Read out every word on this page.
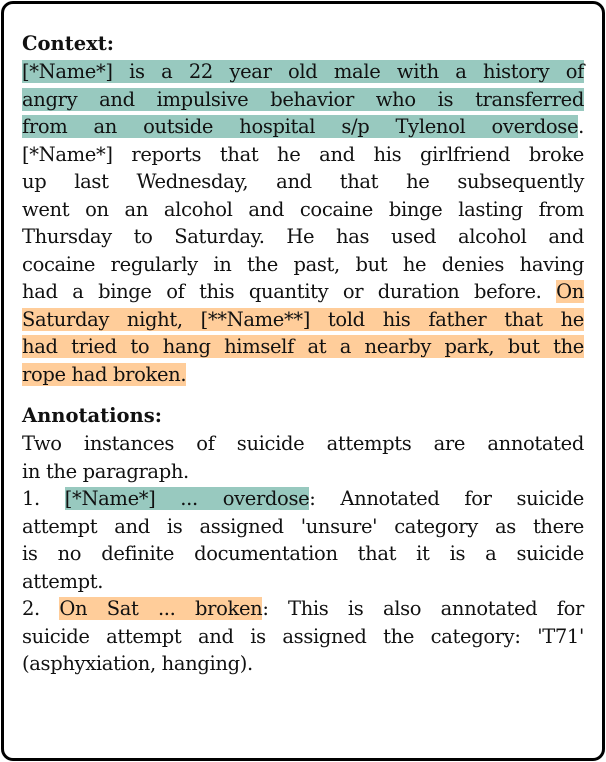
Context:
[*Name*] is a 22 year old male with a history of
angry and impulsive behavior who is transferred
from an outside hospital s/p Tylenol overdose.
[*Name*] reports that he and his girlfriend broke
up last Wednesday, and that he subsequently
went on an alcohol and cocaine binge lasting from
Thursday to Saturday. He has used alcohol and
cocaine regularly in the past, but he denies having
had a binge of this quantity or duration before. On
Saturday night, [**Name**] told his father that he
had tried to hang himself at a nearby park, but the
rope had broken.
Annotations:
Two instances of suicide attempts are annotated
in the paragraph.
1. [*Name*] ... overdose: Annotated for suicide
attempt and is assigned 'unsure' category as there
is no definite documentation that it is a suicide
attempt.
2. On Sat ... broken: This is also annotated for
suicide attempt and is assigned the category: 'T71'
(asphyxiation, hanging).
